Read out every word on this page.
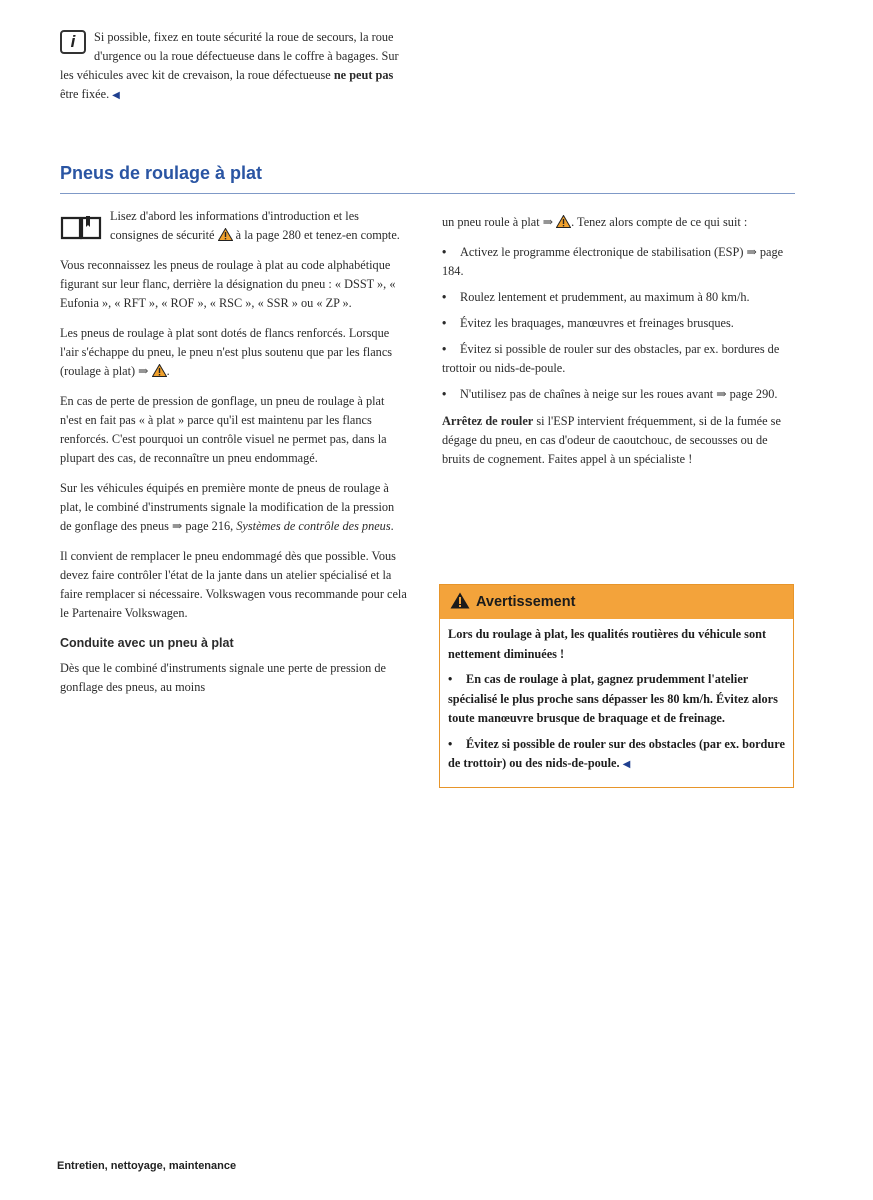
i	Si possible, fixez en toute sécurité la roue de secours, la roue d'urgence ou la roue défectueuse dans le coffre à bagages. Sur les véhicules avec kit de crevaison, la roue défectueuse ne peut pas être fixée. ◀
Pneus de roulage à plat

Lisez d'abord les informations d'introduction et les consignes de sécurité à la page 280 et tenez-en compte.

Vous reconnaissez les pneus de roulage à plat au code alphabétique figurant sur leur flanc, derrière la désignation du pneu : « DSST », « Eufonia », « RFT », « ROF », « RSC », « SSR » ou « ZP ».

Les pneus de roulage à plat sont dotés de flancs renforcés. Lorsque l'air s'échappe du pneu, le pneu n'est plus soutenu que par les flancs (roulage à plat) ⇒ .

En cas de perte de pression de gonflage, un pneu de roulage à plat n'est en fait pas « à plat » parce qu'il est maintenu par les flancs renforcés. C'est pourquoi un contrôle visuel ne permet pas, dans la plupart des cas, de reconnaître un pneu endommagé.

Sur les véhicules équipés en première monte de pneus de roulage à plat, le combiné d'instruments signale la modification de la pression de gonflage des pneus ⇒ page 216, Systèmes de contrôle des pneus.

Il convient de remplacer le pneu endommagé dès que possible. Vous devez faire contrôler l'état de la jante dans un atelier spécialisé et la faire remplacer si nécessaire. Volkswagen vous recommande pour cela le Partenaire Volkswagen.

Conduite avec un pneu à plat

Dès que le combiné d'instruments signale une perte de pression de gonflage des pneus, au moins

un pneu roule à plat ⇒ . Tenez alors compte de ce qui suit :

• Activez le programme électronique de stabilisation (ESP) ⇒ page 184.
• Roulez lentement et prudemment, au maximum à 80 km/h.
• Évitez les braquages, manœuvres et freinages brusques.
• Évitez si possible de rouler sur des obstacles, par ex. bordures de trottoir ou nids-de-poule.
• N'utilisez pas de chaînes à neige sur les roues avant ⇒ page 290.

Arrêtez de rouler si l'ESP intervient fréquemment, si de la fumée se dégage du pneu, en cas d'odeur de caoutchouc, de secousses ou de bruits de cognement. Faites appel à un spécialiste !

Avertissement

Lors du roulage à plat, les qualités routières du véhicule sont nettement diminuées !

• En cas de roulage à plat, gagnez prudemment l'atelier spécialisé le plus proche sans dépasser les 80 km/h. Évitez alors toute manœuvre brusque de braquage et de freinage.

• Évitez si possible de rouler sur des obstacles (par ex. bordure de trottoir) ou des nids-de-poule. ◀

Entretien, nettoyage, maintenance
